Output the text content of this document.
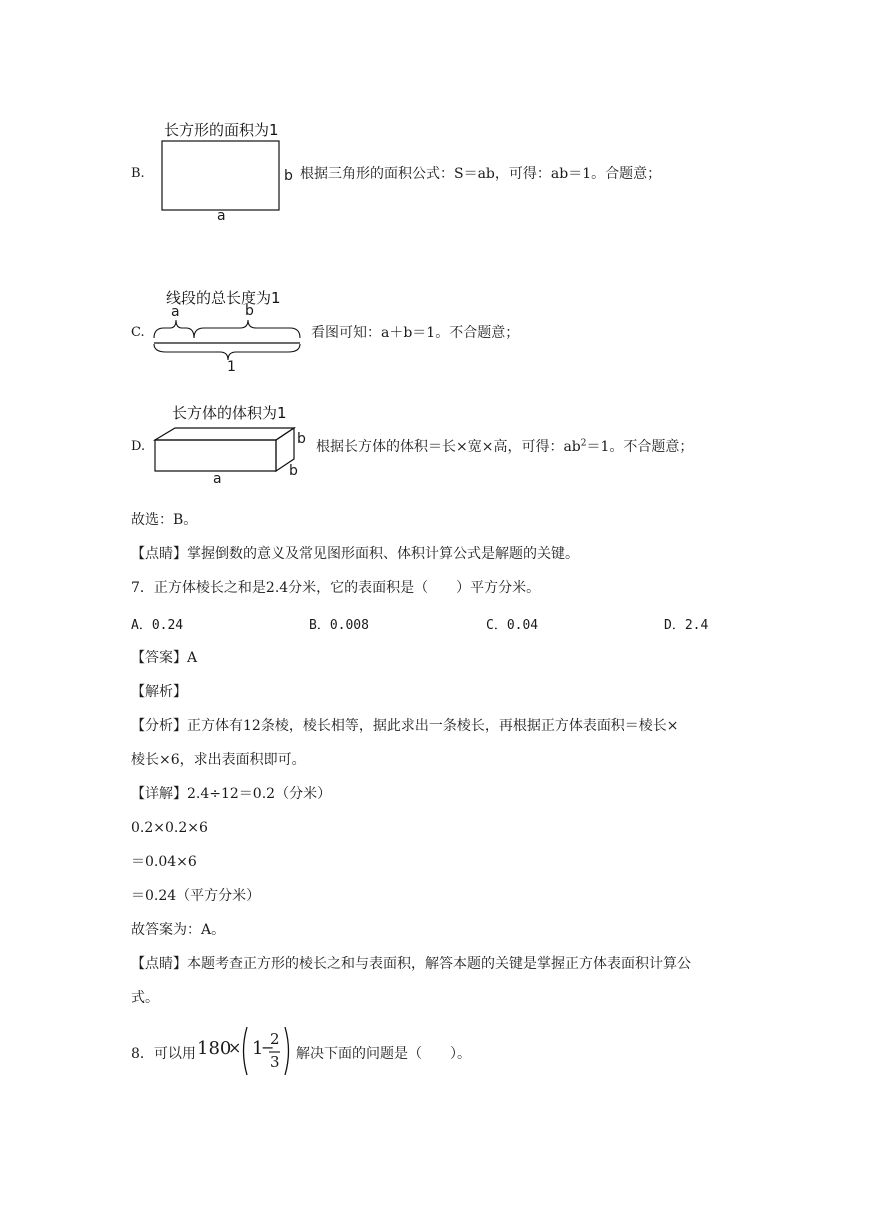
B.
长方形的面积为1
a
b 根据三角形的面积公式：S＝ab，可得：ab＝1。合题意；
C.
线段的总长度为1
a	b
1
看图可知：a＋b＝1。不合题意；
D.
长方体的体积为1
a
b
b
根据长方体的体积＝长×宽×高，可得：$ab^2=1$。不合题意；
故选：B。
【点睛】掌握倒数的意义及常见图形面积、体积计算公式是解题的关键。
7．正方体棱长之和是2.4分米，它的表面积是（　　）平方分米。
A．0.24	B．0.008	C．0.04	D．2.4
【答案】A
【解析】
【分析】正方体有12条棱，棱长相等，据此求出一条棱长，再根据正方体表面积＝棱长×
棱长×6，求出表面积即可。
【详解】2.4÷12＝0.2（分米）
0.2×0.2×6
＝0.04×6
＝0.24（平方分米）
故答案为：A。
【点睛】本题考查正方形的棱长之和与表面积，解答本题的关键是掌握正方体表面积计算公
式。
8．可以用 180
× 1
−
2
3 解决下面的问题是（　　）。
